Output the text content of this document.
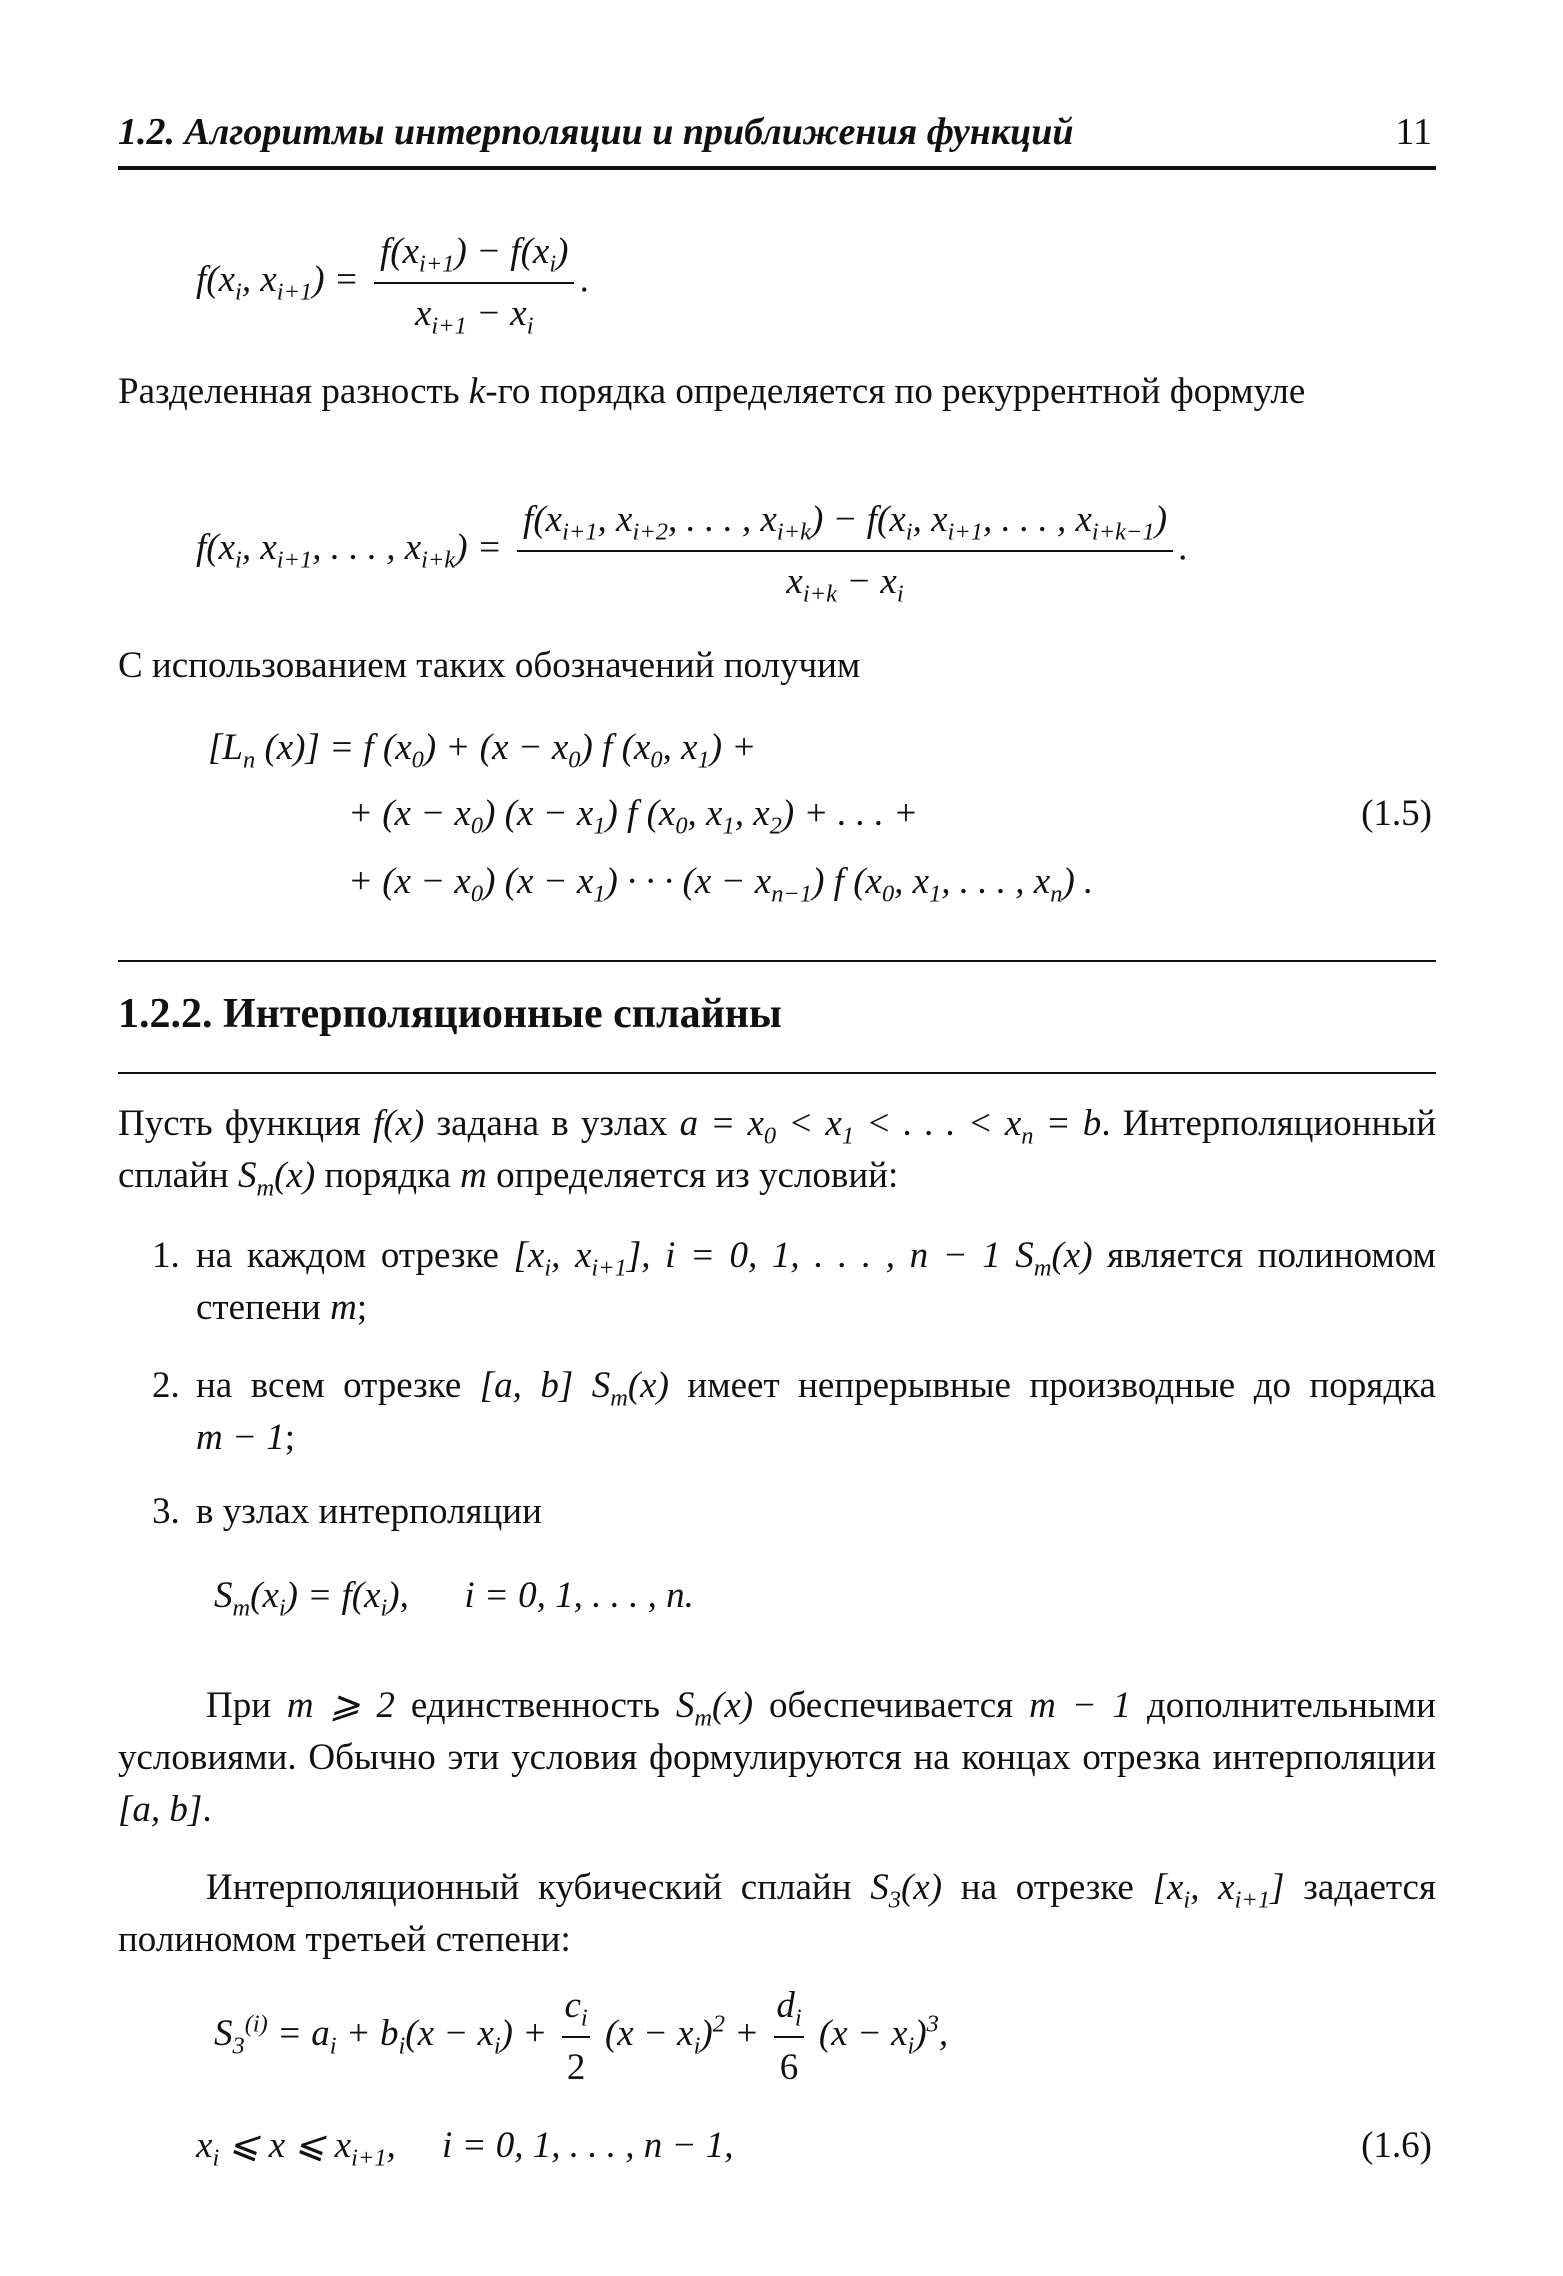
1.2. Алгоритмы интерполяции и приближения функций	11
$f(x_i$, $x_{i+1}) = \frac{f(x_{i+1}) - f(x_i)}{x_{i+1} - x_i}$ .
Разделенная разность k-го порядка определяется по рекуррентной формуле
$f(x_i$, $x_{i+1}$, . . . , $x_{i+k}) = \frac{f(x_{i+1}, x_{i+2}, . . . , x_{i+k}) - f(x_i, x_{i+1}, . . . , x_{i+k-1})}{x_{i+k} - x_i}$ .
С использованием таких обозначений получим
[$L_n$ (x)] = f $(x_0) + (x - x_0)$ f ($x_0$, $x_1$) +
+ $(x - x_0)$ $(x - x_1)$ f ($x_0$, $x_1$, $x_2$) + . . . +	(1.5)
+ $(x - x_0)$ $(x - x_1)$ · · · $(x - x_{n-1})$ f ($x_0$, $x_1$, . . . , $x_n$) .
1.2.2. Интерполяционные сплайны
Пусть функция f(x) задана в узлах $a = x_0 < x_1$ < . . . < $x_n = b$. Интерполяционный сплайн $S_m(x)$ порядка m определяется из условий:
1. на каждом отрезке [$x_i$, $x_{i+1}$], i = 0, 1, . . . , n − 1 $S_m(x)$ является полиномом степени m;
2. на всем отрезке [a, b] $S_m(x)$ имеет непрерывные производные до порядка m − 1;
3. в узлах интерполяции
$S_m(x_i) = f(x_i)$,      i = 0, 1, . . . , n.
При m ⩾ 2 единственность $S_m(x)$ обеспечивается m − 1 дополнительными условиями. Обычно эти условия формулируются на концах отрезка интерполяции [a, b].
Интерполяционный кубический сплайн $S_3(x)$ на отрезке [$x_i$, $x_{i+1}$] задается полиномом третьей степени:
$S_3^{(i)} = a_i + b_i(x - x_i) + \frac{c_i}{2} (x - x_i)^2 + \frac{d_i}{6} (x - x_i)^3$,
$x_i$ ⩽ x ⩽ $x_{i+1}$,     i = 0, 1, . . . , n − 1,	(1.6)
